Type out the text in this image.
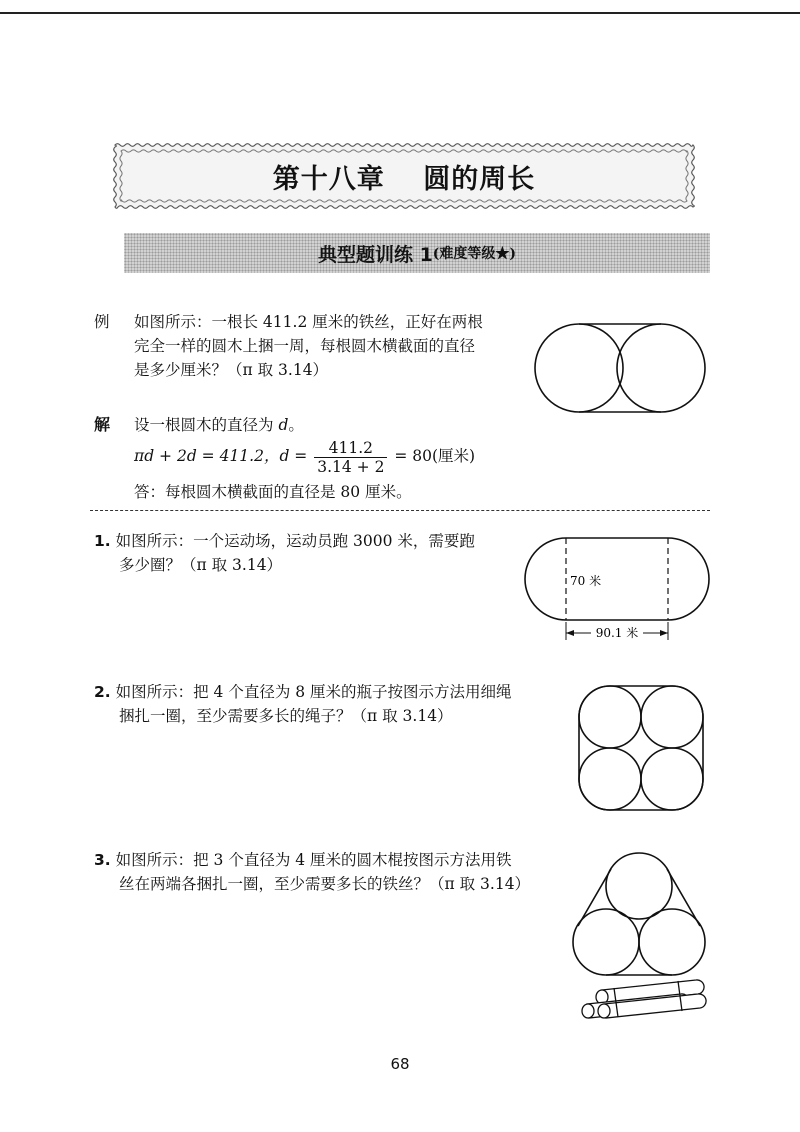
第十八章　 圆的周长
典型题训练 1 (难度等级★)
例 如图所示：一根长 411.2 厘米的铁丝，正好在两根
完全一样的圆木上捆一周，每根圆木横截面的直径
是多少厘米？（π 取 3.14）
解 设一根圆木的直径为 d。
πd + 2d = 411.2，$d = \frac{411.2}{3.14 + 2} = 80$(厘米)
答：每根圆木横截面的直径是 80 厘米。
1. 如图所示：一个运动场，运动员跑 3000 米，需要跑
多少圈？（π 取 3.14）
70 米
90.1 米
2. 如图所示：把 4 个直径为 8 厘米的瓶子按图示方法用细绳
捆扎一圈，至少需要多长的绳子？（π 取 3.14）
3. 如图所示：把 3 个直径为 4 厘米的圆木棍按图示方法用铁
丝在两端各捆扎一圈，至少需要多长的铁丝？（π 取 3.14）
68
